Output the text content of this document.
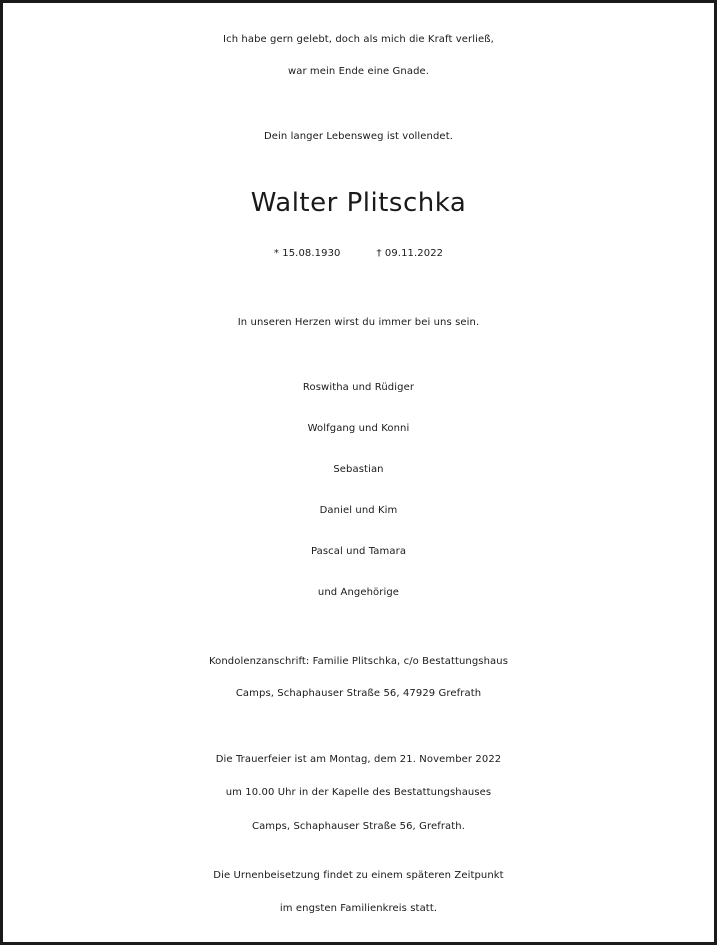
Ich habe gern gelebt, doch als mich die Kraft verließ,
war mein Ende eine Gnade.
Dein langer Lebensweg ist vollendet.
Walter Plitschka
* 15.08.1930	† 09.11.2022
In unseren Herzen wirst du immer bei uns sein.
Roswitha und Rüdiger
Wolfgang und Konni
Sebastian
Daniel und Kim
Pascal und Tamara
und Angehörige
Kondolenzanschrift: Familie Plitschka, c/o Bestattungshaus
Camps, Schaphauser Straße 56, 47929 Grefrath
Die Trauerfeier ist am Montag, dem 21. November 2022
um 10.00 Uhr in der Kapelle des Bestattungshauses
Camps, Schaphauser Straße 56, Grefrath.
Die Urnenbeisetzung findet zu einem späteren Zeitpunkt
im engsten Familienkreis statt.
